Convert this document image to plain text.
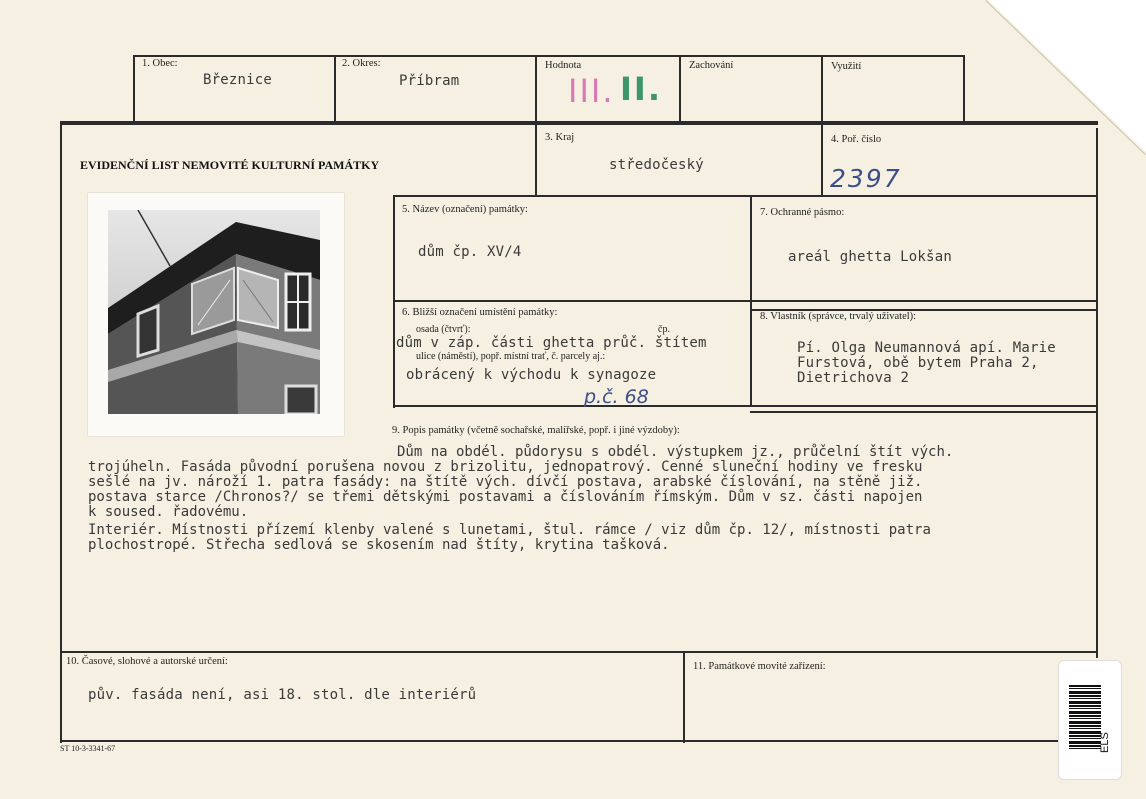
1. Obec:
Březnice
2. Okres:
Příbram
Hodnota
III. II.
Zachování	Využití
EVIDENČNÍ LIST NEMOVITÉ KULTURNÍ PAMÁTKY
3. Kraj
středočeský
4. Poř. číslo
2397
5. Název (označení) památky:
dům čp. XV/4
7. Ochranné pásmo:
areál ghetta Lokšan
6. Bližší označení umístění památky:
osada (čtvrť):	čp.
dům v záp. části ghetta průč. štítem
ulice (náměstí), popř. místní trať, č. parcely aj.:
obrácený k východu k synagoze
p.č. 68
8. Vlastník (správce, trvalý uživatel):
Pí. Olga Neumannová apí. Marie
Furstová, obě bytem Praha 2,
Dietrichova 2
9. Popis památky (včetně sochařské, malířské, popř. i jiné výzdoby):
Dům na obdél. půdorysu s obdél. výstupkem jz., průčelní štít vých.
trojúheln. Fasáda původní porušena novou z brizolitu, jednopatrový. Cenné sluneční hodiny ve fresku
sešlé na jv. nároží 1. patra fasády: na štítě vých. dívčí postava, arabské číslování, na stěně již.
postava starce /Chronos?/ se třemi dětskými postavami a číslováním římským. Dům v sz. části napojen
k soused. řadovému.
Interiér. Místnosti přízemí klenby valené s lunetami, štul. rámce / viz dům čp. 12/, místnosti patra
plochostropé. Střecha sedlová se skosením nad štíty, krytina tašková.
10. Časové, slohové a autorské určení:
pův. fasáda není, asi 18. stol. dle interiérů
11. Památkové movité zařízení:
ST 10-3-3341-67	ELS
